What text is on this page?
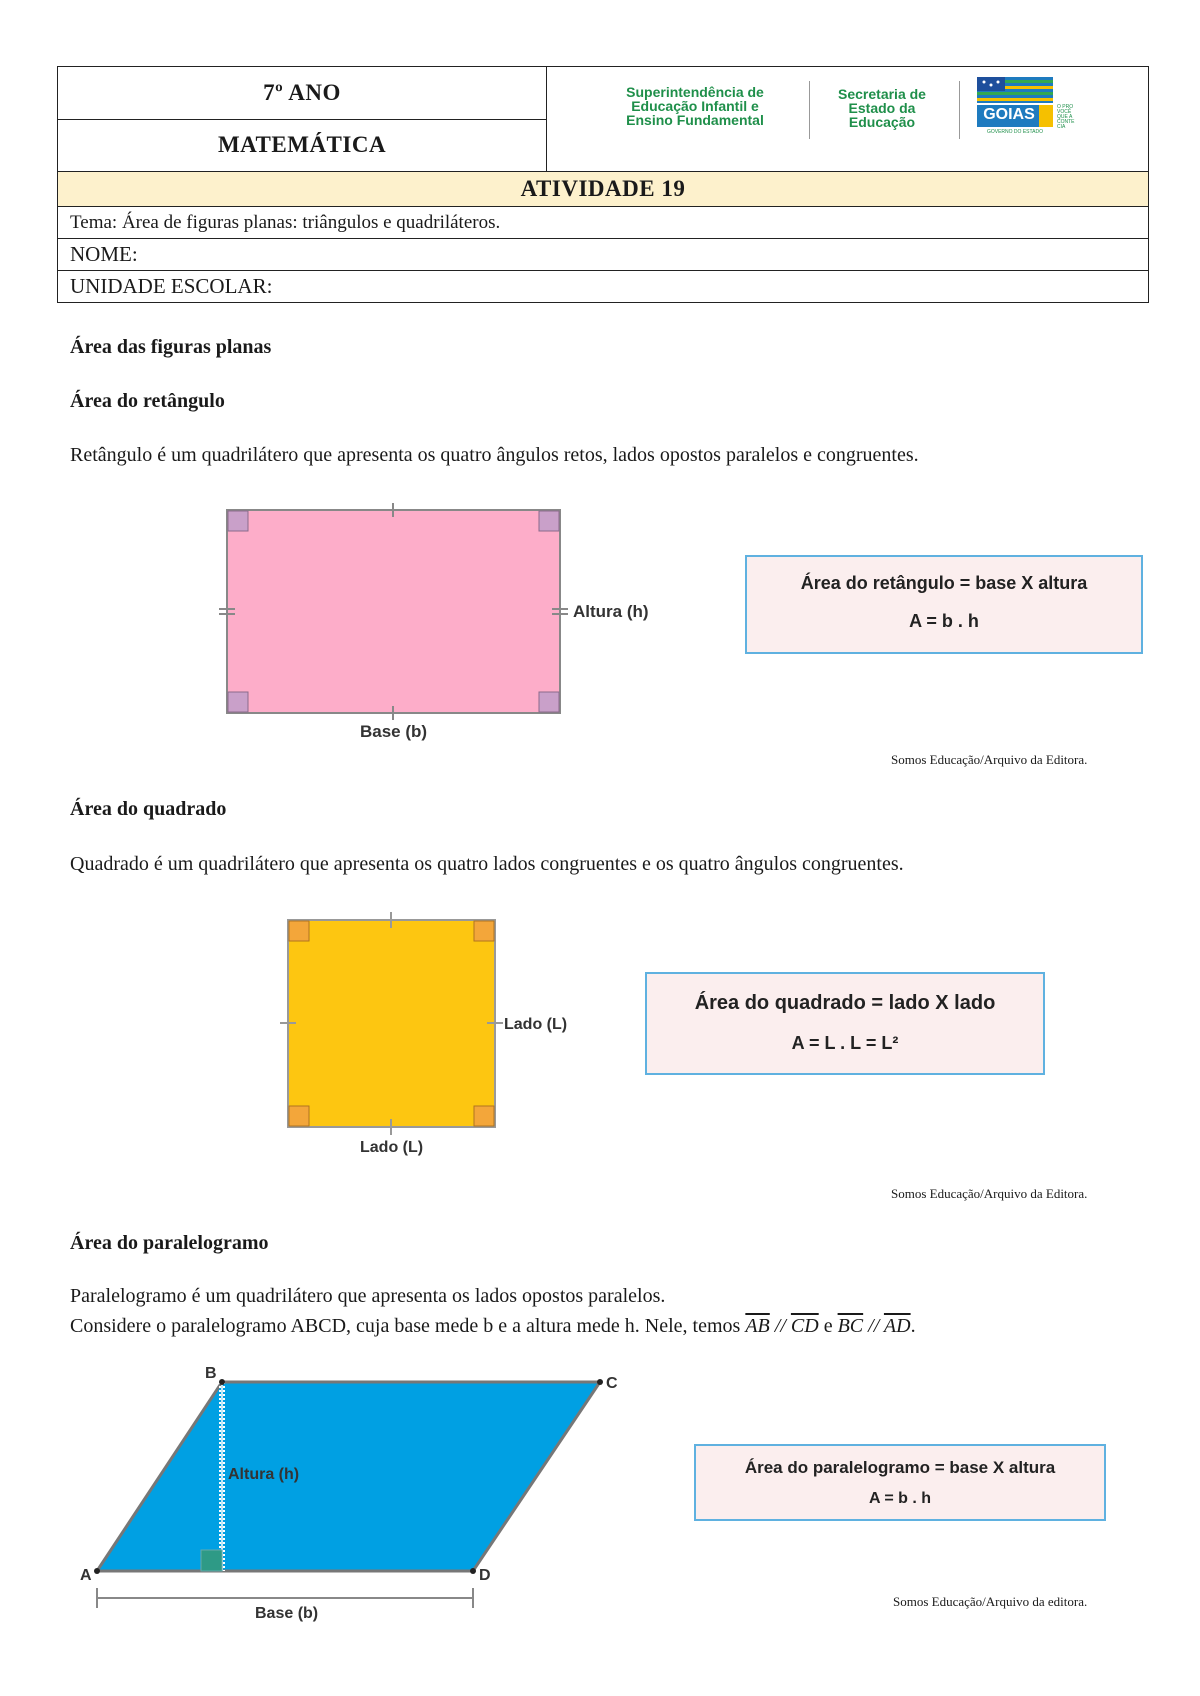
7º ANO
MATEMÁTICA
Superintendência de
Educação Infantil e
Ensino Fundamental
Secretaria de
Estado da
Educação	GOIAS
GOVERNO DO ESTADO
O PRO
VOCÊ
QUE A
CONTE
CIA
ATIVIDADE 19
Tema: Área de figuras planas: triângulos e quadriláteros.
NOME:
UNIDADE ESCOLAR:
Área das figuras planas
Área do retângulo

Retângulo é um quadrilátero que apresenta os quatro ângulos retos, lados opostos paralelos e congruentes.

Altura (h)
Base (b)
Área do retângulo = base X altura
A = b . h
Somos Educação/Arquivo da Editora.
Área do quadrado

Quadrado é um quadrilátero que apresenta os quatro lados congruentes e os quatro ângulos congruentes.

Lado (L)
Lado (L)
Área do quadrado = lado X lado
A = L . L = L²
Somos Educação/Arquivo da Editora.
Área do paralelogramo

Paralelogramo é um quadrilátero que apresenta os lados opostos paralelos.

Considere o paralelogramo ABCD, cuja base mede b e a altura mede h. Nele, temos $\overline{AB} // \overline{CD}$ e $\overline{BC} // \overline{AD}$.

A
B
C
D
Altura (h)
Base (b)
Área do paralelogramo = base X altura
A = b . h
Somos Educação/Arquivo da editora.
